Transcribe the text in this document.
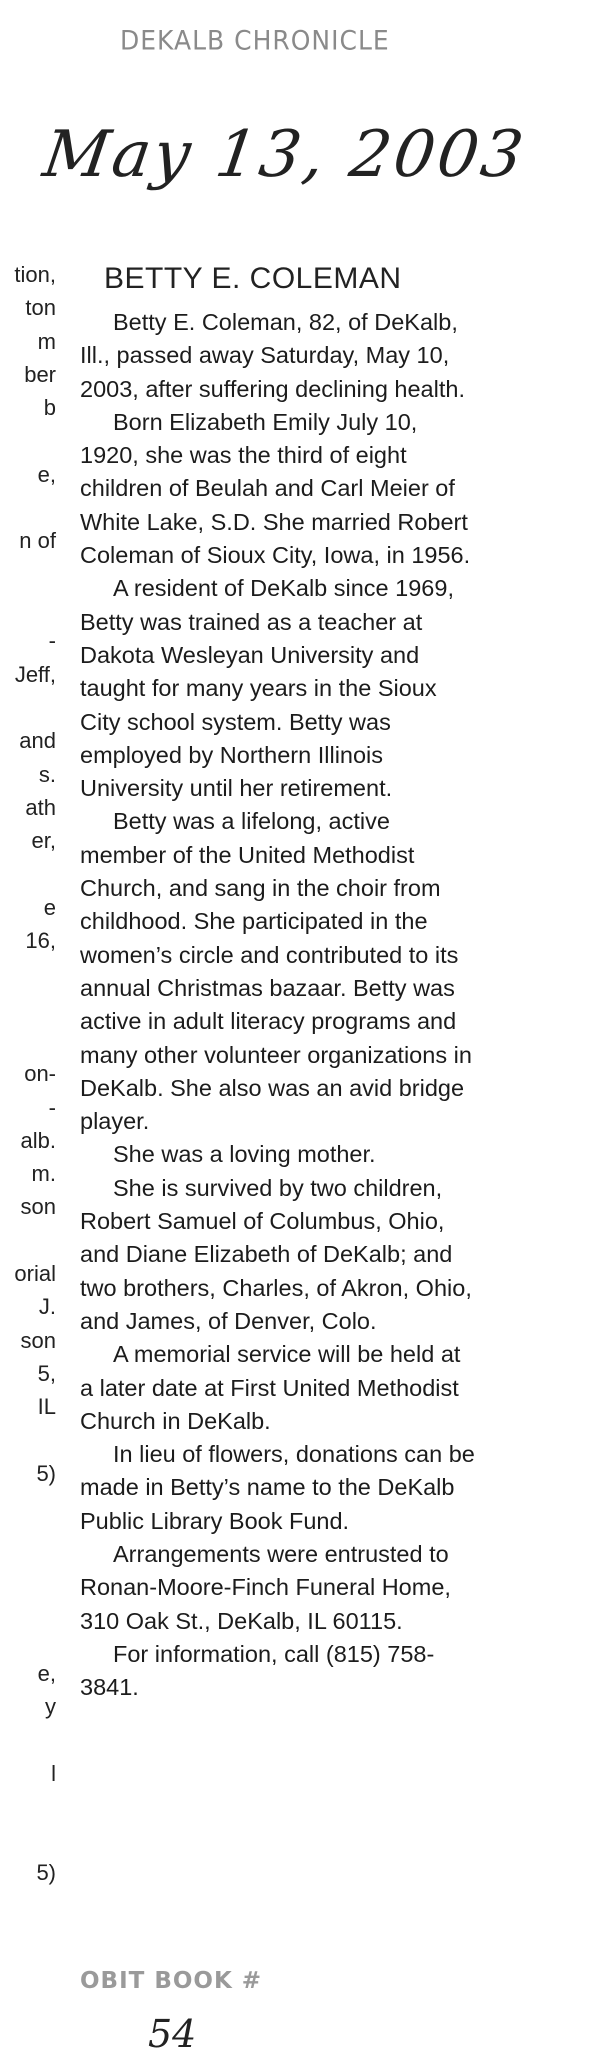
DEKALB CHRONICLE
May 13, 2003
tion,
ton
m
ber
b
e,
n of
-
Jeff,
and
s.
ath
er,
e
16,
on-
-
alb.
m.
son
orial
J.
son
5,
IL
5)
e,
y
l
5)
BETTY E. COLEMAN

Betty E. Coleman, 82, of DeKalb, Ill., passed away Saturday, May 10, 2003, after suffering declining health.

Born Elizabeth Emily July 10, 1920, she was the third of eight children of Beulah and Carl Meier of White Lake, S.D. She married Robert Coleman of Sioux City, Iowa, in 1956.

A resident of DeKalb since 1969, Betty was trained as a teacher at Dakota Wesleyan University and taught for many years in the Sioux City school system. Betty was employed by Northern Illinois University until her retirement.

Betty was a lifelong, active member of the United Methodist Church, and sang in the choir from childhood. She participated in the women’s circle and contributed to its annual Christmas bazaar. Betty was active in adult literacy programs and many other volunteer organizations in DeKalb. She also was an avid bridge player.

She was a loving mother.

She is survived by two children, Robert Samuel of Columbus, Ohio, and Diane Elizabeth of DeKalb; and two brothers, Charles, of Akron, Ohio, and James, of Denver, Colo.

A memorial service will be held at a later date at First United Methodist Church in DeKalb.

In lieu of flowers, donations can be made in Betty’s name to the DeKalb Public Library Book Fund.

Arrangements were entrusted to Ronan-Moore-Finch Funeral Home, 310 Oak St., DeKalb, IL 60115.

For information, call (815) 758-3841.

OBIT BOOK #
54
